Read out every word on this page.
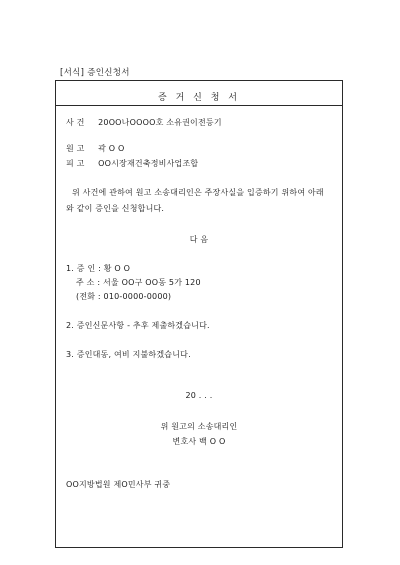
[서식] 증인신청서
증 거 신 청 서
사 건 20OO나OOOO호 소유권이전등기
원 고 곽 O O
피 고 OO시장재건축정비사업조합
위 사건에 관하여 원고 소송대리인은 주장사실을 입증하기 위하여 아래
와 같이 증인을 신청합니다.
다 음
1. 증 인 : 황 O O
주 소 : 서울 OO구 OO동 5가 120
(전화 : 010-0000-0000)
2. 증인신문사항 - 추후 제출하겠습니다.
3. 증인대동, 여비 지불하겠습니다.
20 . . .
위 원고의 소송대리인
변호사 백 O O
OO지방법원 제O민사부 귀중
